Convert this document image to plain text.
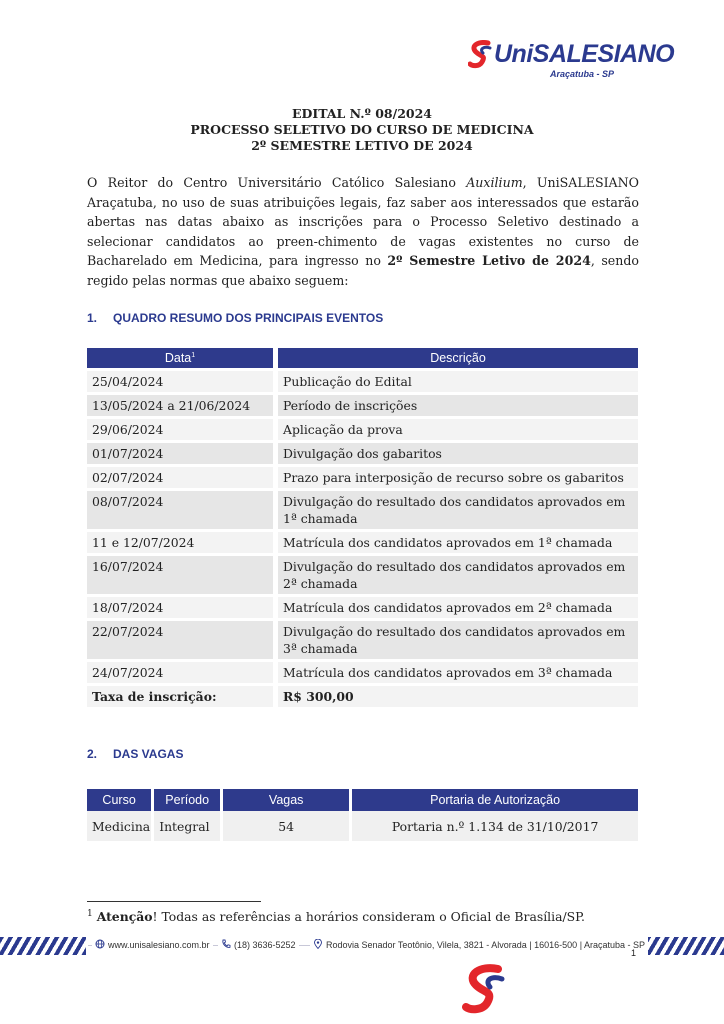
UniSALESIANO
Araçatuba - SP
EDITAL N.º 08/2024
PROCESSO SELETIVO DO CURSO DE MEDICINA
2º SEMESTRE LETIVO DE 2024
O Reitor do Centro Universitário Católico Salesiano Auxilium, UniSALESIANO Araçatuba, no uso de suas atribuições legais, faz saber aos interessados que estarão abertas nas datas abaixo as inscrições para o Processo Seletivo destinado a selecionar candidatos ao preen-chimento de vagas existentes no curso de Bacharelado em Medicina, para ingresso no 2º Semestre Letivo de 2024, sendo regido pelas normas que abaixo seguem:
1. QUADRO RESUMO DOS PRINCIPAIS EVENTOS
Data$^1$	Descrição
25/04/2024	Publicação do Edital
13/05/2024 a 21/06/2024	Período de inscrições
29/06/2024	Aplicação da prova
01/07/2024	Divulgação dos gabaritos
02/07/2024	Prazo para interposição de recurso sobre os gabaritos
08/07/2024	Divulgação do resultado dos candidatos aprovados em 1ª chamada
11 e 12/07/2024	Matrícula dos candidatos aprovados em 1ª chamada
16/07/2024	Divulgação do resultado dos candidatos aprovados em 2ª chamada
18/07/2024	Matrícula dos candidatos aprovados em 2ª chamada
22/07/2024	Divulgação do resultado dos candidatos aprovados em 3ª chamada
24/07/2024	Matrícula dos candidatos aprovados em 3ª chamada
Taxa de inscrição:	R$ 300,00
2. DAS VAGAS
Curso	Período	Vagas	Portaria de Autorização
Medicina	Integral	54	Portaria n.º 1.134 de 31/10/2017
$^1$ Atenção! Todas as referências a horários consideram o Oficial de Brasília/SP.
www.unisalesiano.com.br	(18) 3636-5252	Rodovia Senador Teotônio, Vilela, 3821 - Alvorada | 16016-500 | Araçatuba - SP
1
